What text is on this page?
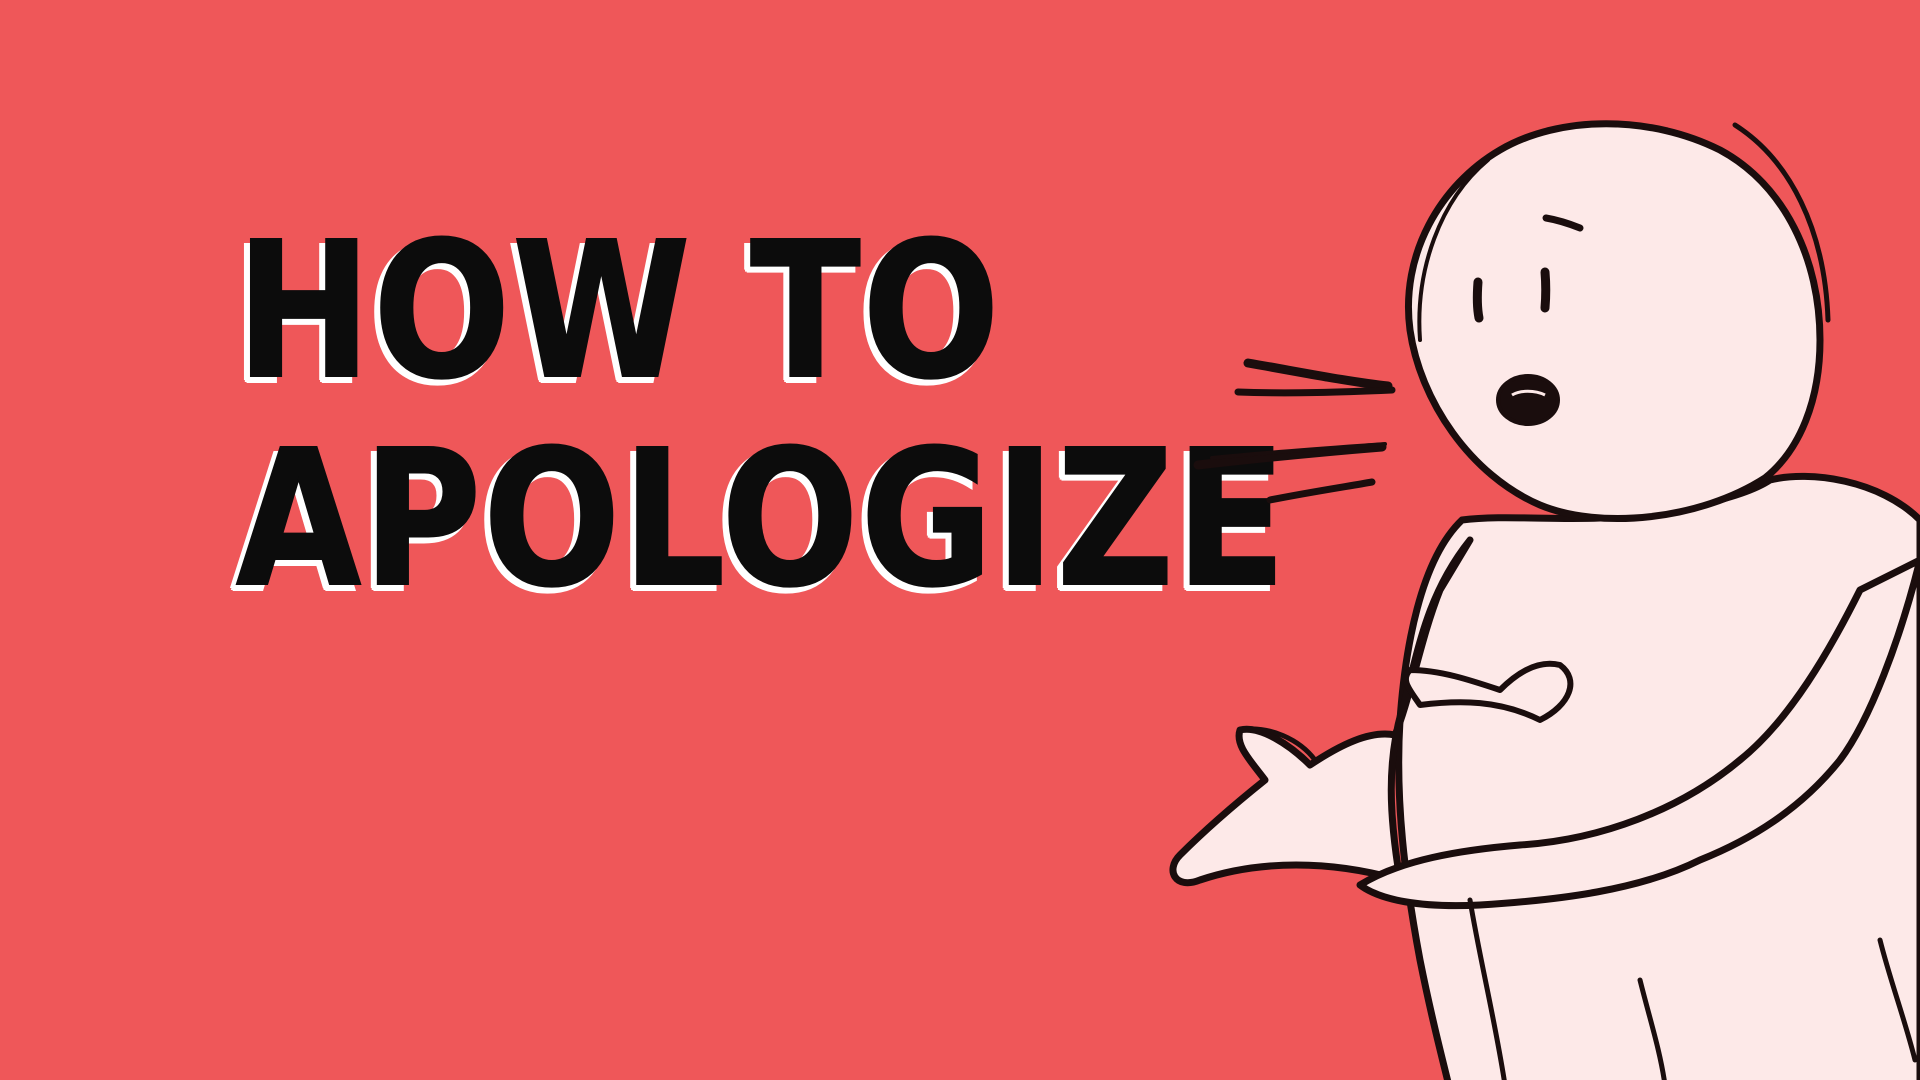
HOW TO
APOLOGIZE
